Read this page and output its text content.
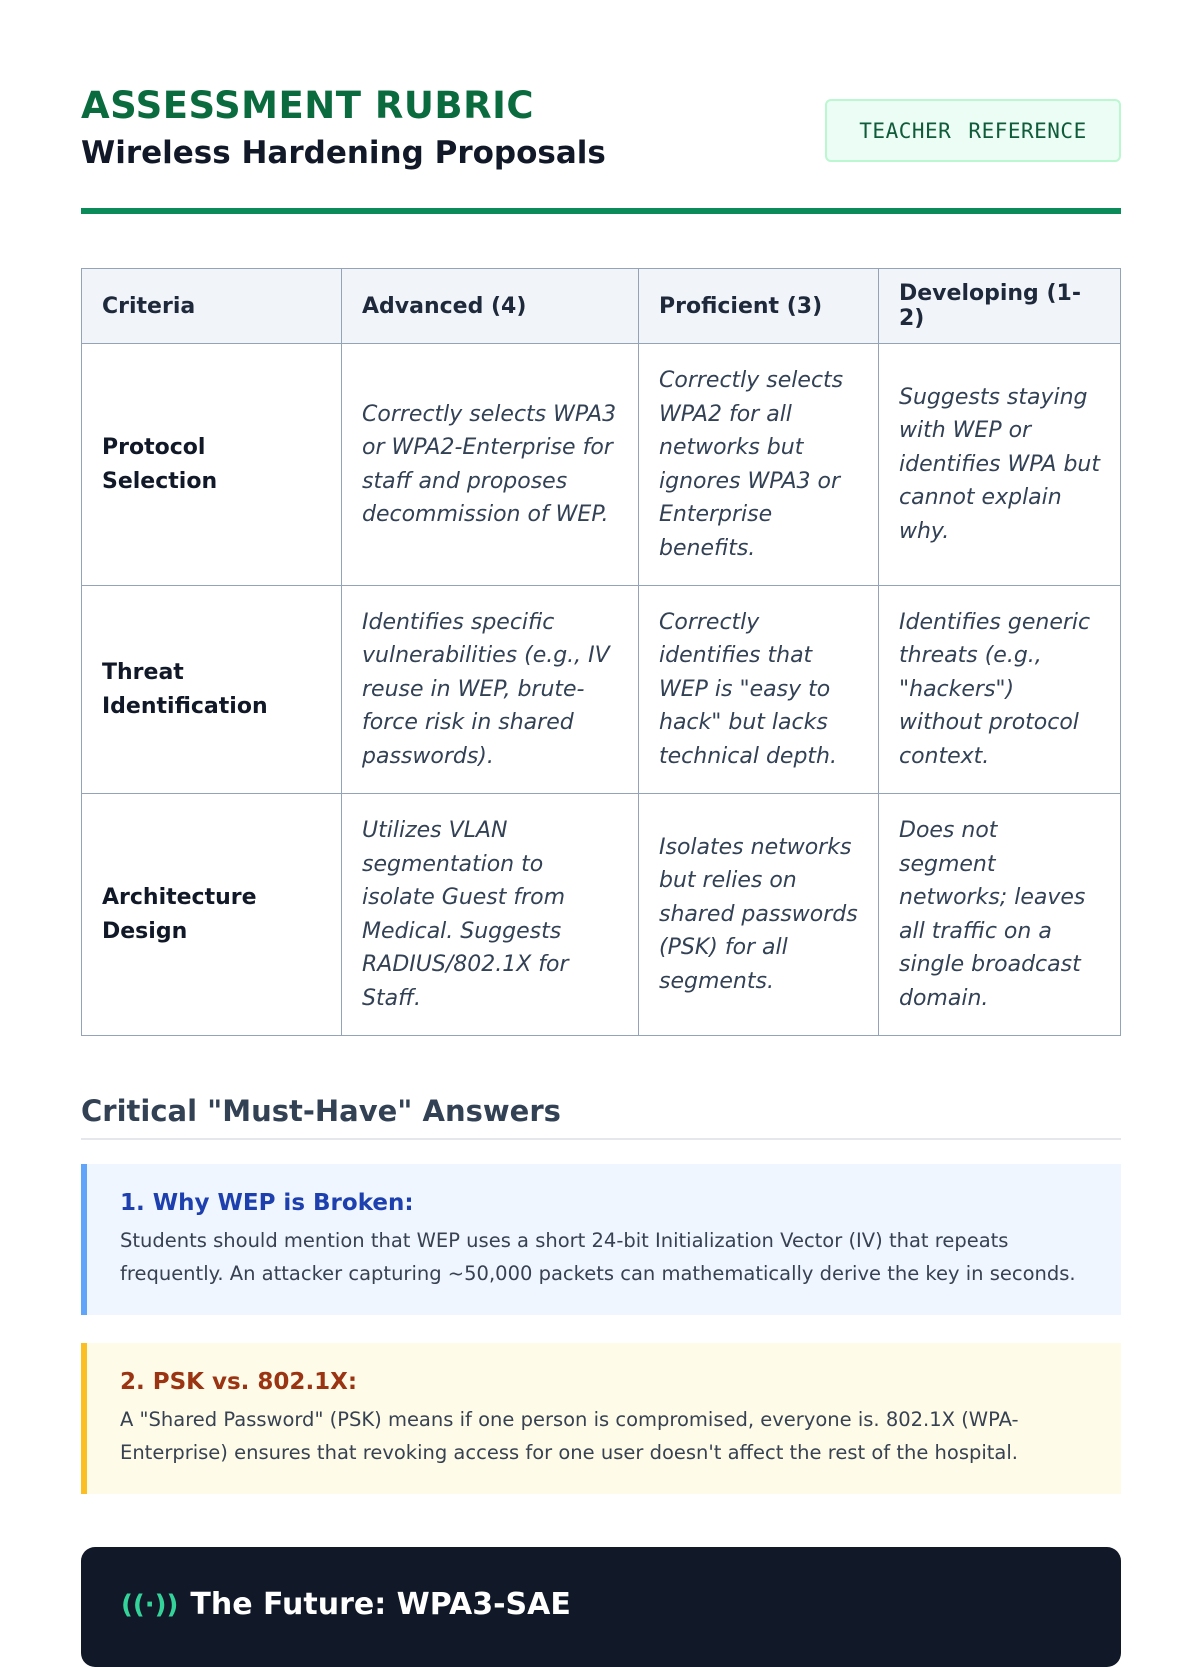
ASSESSMENT RUBRIC
Wireless Hardening Proposals
TEACHER REFERENCE
Criteria	Advanced (4)	Proficient (3)	Developing (1-2)
Protocol Selection	Correctly selects WPA3 or WPA2-Enterprise for staff and proposes decommission of WEP.	Correctly selects WPA2 for all networks but ignores WPA3 or Enterprise benefits.	Suggests staying with WEP or identifies WPA but cannot explain why.
Threat Identification	Identifies specific vulnerabilities (e.g., IV reuse in WEP, brute-force risk in shared passwords).	Correctly identifies that WEP is "easy to hack" but lacks technical depth.	Identifies generic threats (e.g., "hackers") without protocol context.
Architecture Design	Utilizes VLAN segmentation to isolate Guest from Medical. Suggests RADIUS/802.1X for Staff.	Isolates networks but relies on shared passwords (PSK) for all segments.	Does not segment networks; leaves all traffic on a single broadcast domain.
Critical "Must-Have" Answers
1. Why WEP is Broken:

Students should mention that WEP uses a short 24-bit Initialization Vector (IV) that repeats frequently. An attacker capturing ~50,000 packets can mathematically derive the key in seconds.

2. PSK vs. 802.1X:

A "Shared Password" (PSK) means if one person is compromised, everyone is. 802.1X (WPA-Enterprise) ensures that revoking access for one user doesn't affect the rest of the hospital.

((·)) The Future: WPA3-SAE
